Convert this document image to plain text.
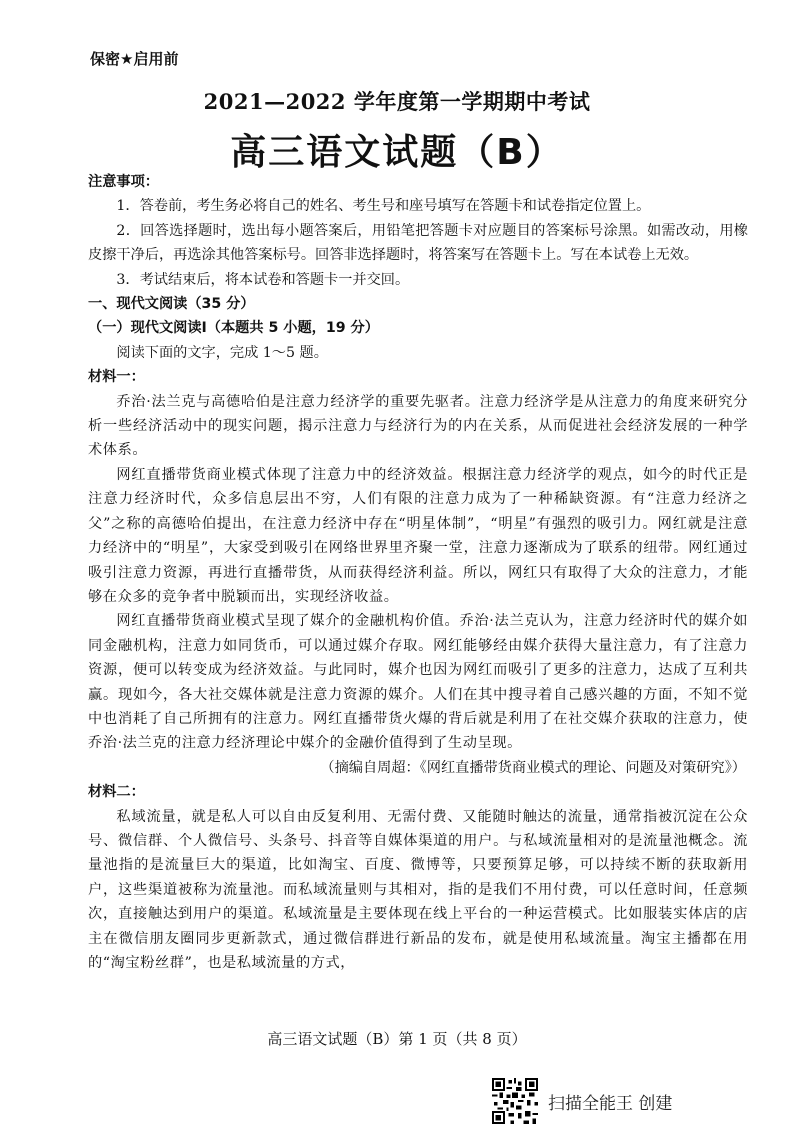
保密★启用前
2021—2022 学年度第一学期期中考试
高三语文试题（B）

注意事项：

1．答卷前，考生务必将自己的姓名、考生号和座号填写在答题卡和试卷指定位置上。

2．回答选择题时，选出每小题答案后，用铅笔把答题卡对应题目的答案标号涂黑。如需改动，用橡皮擦干净后，再选涂其他答案标号。回答非选择题时，将答案写在答题卡上。写在本试卷上无效。

3．考试结束后，将本试卷和答题卡一并交回。

一、现代文阅读（35 分）

（一）现代文阅读Ⅰ（本题共 5 小题，19 分）

阅读下面的文字，完成 1～5 题。

材料一：

乔治·法兰克与高德哈伯是注意力经济学的重要先驱者。注意力经济学是从注意力的角度来研究分析一些经济活动中的现实问题，揭示注意力与经济行为的内在关系，从而促进社会经济发展的一种学术体系。

网红直播带货商业模式体现了注意力中的经济效益。根据注意力经济学的观点，如今的时代正是注意力经济时代，众多信息层出不穷，人们有限的注意力成为了一种稀缺资源。有“注意力经济之父”之称的高德哈伯提出，在注意力经济中存在“明星体制”，“明星”有强烈的吸引力。网红就是注意力经济中的“明星”，大家受到吸引在网络世界里齐聚一堂，注意力逐渐成为了联系的纽带。网红通过吸引注意力资源，再进行直播带货，从而获得经济利益。所以，网红只有取得了大众的注意力，才能够在众多的竞争者中脱颖而出，实现经济收益。

网红直播带货商业模式呈现了媒介的金融机构价值。乔治·法兰克认为，注意力经济时代的媒介如同金融机构，注意力如同货币，可以通过媒介存取。网红能够经由媒介获得大量注意力，有了注意力资源，便可以转变成为经济效益。与此同时，媒介也因为网红而吸引了更多的注意力，达成了互利共赢。现如今，各大社交媒体就是注意力资源的媒介。人们在其中搜寻着自己感兴趣的方面，不知不觉中也消耗了自己所拥有的注意力。网红直播带货火爆的背后就是利用了在社交媒介获取的注意力，使乔治·法兰克的注意力经济理论中媒介的金融价值得到了生动呈现。

（摘编自周超：《网红直播带货商业模式的理论、问题及对策研究》）

材料二：

私域流量，就是私人可以自由反复利用、无需付费、又能随时触达的流量，通常指被沉淀在公众号、微信群、个人微信号、头条号、抖音等自媒体渠道的用户。与私域流量相对的是流量池概念。流量池指的是流量巨大的渠道，比如淘宝、百度、微博等，只要预算足够，可以持续不断的获取新用户，这些渠道被称为流量池。而私域流量则与其相对，指的是我们不用付费，可以任意时间，任意频次，直接触达到用户的渠道。私域流量是主要体现在线上平台的一种运营模式。比如服装实体店的店主在微信朋友圈同步更新款式，通过微信群进行新品的发布，就是使用私域流量。淘宝主播都在用的“淘宝粉丝群”，也是私域流量的方式，

高三语文试题（B）第 1 页（共 8 页）
扫描全能王 创建
